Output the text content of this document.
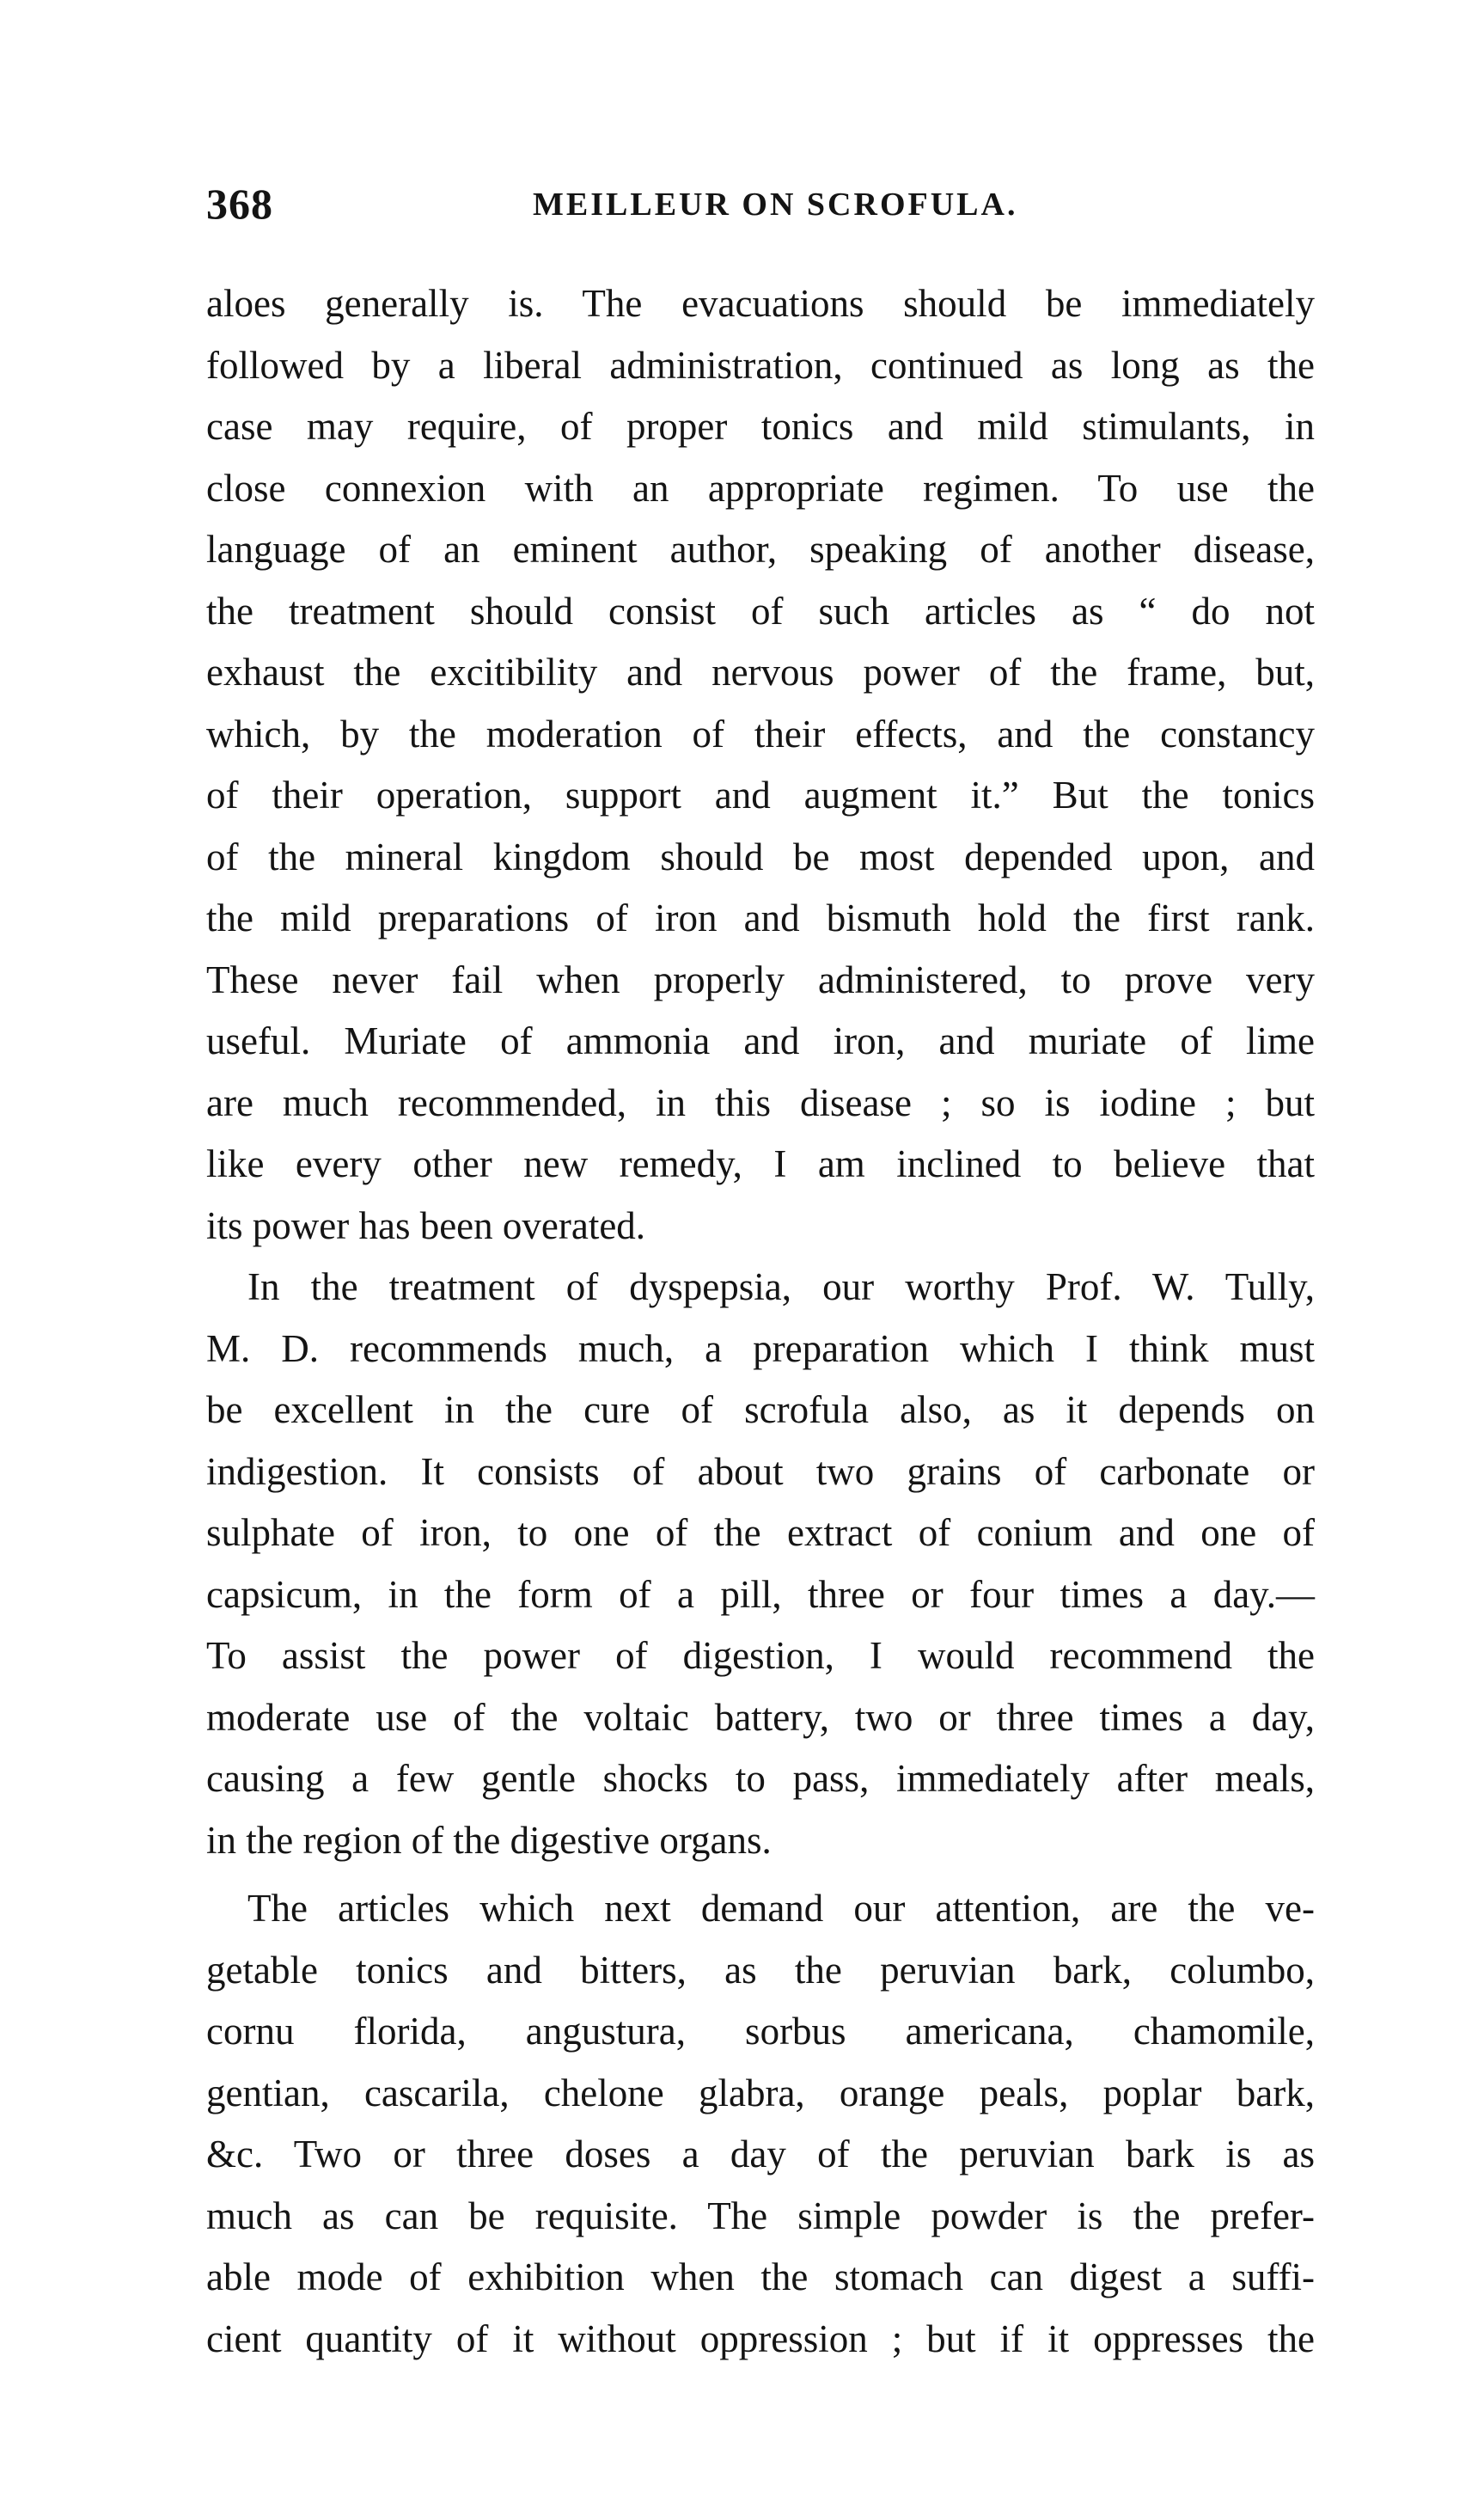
368	MEILLEUR ON SCROFULA.
aloes generally is. The evacuations should be immediately
followed by a liberal administration, continued as long as the
case may require, of proper tonics and mild stimulants, in
close connexion with an appropriate regimen. To use the
language of an eminent author, speaking of another disease,
the treatment should consist of such articles as “ do not
exhaust the excitibility and nervous power of the frame, but,
which, by the moderation of their effects, and the constancy
of their operation, support and augment it.” But the tonics
of the mineral kingdom should be most depended upon, and
the mild preparations of iron and bismuth hold the first rank.
These never fail when properly administered, to prove very
useful. Muriate of ammonia and iron, and muriate of lime
are much recommended, in this disease ; so is iodine ; but
like every other new remedy, I am inclined to believe that
its power has been overated.
In the treatment of dyspepsia, our worthy Prof. W. Tully,
M. D. recommends much, a preparation which I think must
be excellent in the cure of scrofula also, as it depends on
indigestion. It consists of about two grains of carbonate or
sulphate of iron, to one of the extract of conium and one of
capsicum, in the form of a pill, three or four times a day.—
To assist the power of digestion, I would recommend the
moderate use of the voltaic battery, two or three times a day,
causing a few gentle shocks to pass, immediately after meals,
in the region of the digestive organs.
The articles which next demand our attention, are the ve-
getable tonics and bitters, as the peruvian bark, columbo,
cornu florida, angustura, sorbus americana, chamomile,
gentian, cascarila, chelone glabra, orange peals, poplar bark,
&c. Two or three doses a day of the peruvian bark is as
much as can be requisite. The simple powder is the prefer-
able mode of exhibition when the stomach can digest a suffi-
cient quantity of it without oppression ; but if it oppresses the
